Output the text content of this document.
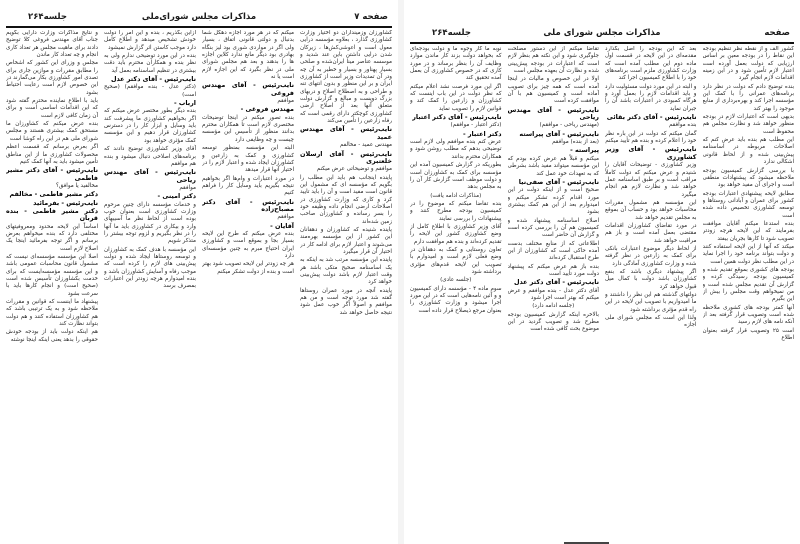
صفحه ۷
مذاکرات مجلس شورای‌ملی
جلسه۲۶۴

کشاورزان وزمینداران دو اختیار وزارت کشاورزی گذارد ، بعلاوه مؤسسه درایی معول است و اعوشی‌کش‌ها ، زیرکان شدن درایی داشتن باین عند شدید و موسسه عناصر مینا ایران‌شده و صلحی بسیار پهناور و بسیار و خطیر به آن چه ودر آن تمدیدات وزیر است از کشاورزی ایران و بر این منظور و بدون انتهای تنه و طراحی و به اصطلاح اصلاح و دربهای بزرگ دویست و مبالغ و گزارش دولت متعلق آنها بعد از اصلاح ارضی کشاورزی کوچکتر دارای رقمی است که رفاه زارعین را تأمین می‌کند

نایب‌رئیس - آقای مهندس عمید

مهندس عمید - مخالفم

نایب‌رئیس - آقای ارسلان خلعتبری

موافقم و توضیحاتی عرض میکنم

پاینده اینجانب هم باید این مطلب را بگویم که مؤسسه ای که مشمول این قانون است مفید است و آن را باید تایید کرد و کاری که وزارت کشاورزی در اصلاحات ارضی انجام داده وظیفه خود را بسر رسانده و کشاورزان صاحب زمین شده‌اند

پاینده شنیده که کشاورزان و دهقانان این کشور از این مؤسسه بهره‌مند می‌شوند و اعتبار لازم برای ادامه کار در اختیار آن قرار میگیرد

پاینده این مؤسسه مرتب شد به اینکه به یک اساسنامه صحیح متکی باشد هر وقت اعتبار لازم باشد دولت پیش‌بینی خواهد کرد

پاینده آنچه در مورد عمران روستاها گفته شد مورد توجه است و من هم موافقم و اصولاً اگر خوب عمل شود نتیجه حاصل خواهد شد

میکنم که در هر مورد اجازه دهکل شما بدنبال و دولتی قانونی اتفاق ، بسیار ولی اگر در مواردی شوری بود لیز بنگاه بهادری بود دیگر مانع ندارد کلاین اجازه ها را بدهند و بعد هم مجلس شورای ملی در نظر بگیرد که این اجازه لازم است یا نه

نایب‌رئیس - آقای مهندس فروغی

موافقم

مهندس فروغی -

بنده تصور میکنم در اینجا توضیحات مختصری لازم است تا همکاران محترم بدانند منظور از تأسیس این مؤسسه چیست و چه وظایفی دارد

البته این مؤسسه بمنظور توسعه کشاورزی و کمک به زارعین و کشاورزان ایجاد شده و اعتبار لازم را در اختیار آنها قرار میدهد

در مورد اعتبارات و وام‌ها اگر بخواهیم نتیجه بگیریم باید وسایل کار را فراهم کنیم

نایب‌رئیس - آقای دکتر مصباح‌زاده

موافقم

آقایان -

بنده عرض میکنم که طرح این لایحه بسیار بجا و بموقع است و کشاورزی ایران احتیاج مبرم به چنین مؤسسه‌ای دارد

هر چه زودتر این لایحه تصویب شود بهتر است و بنده از دولت تشکر میکنم

ازاین بگذریم ، بنده و این امر را دولت خودش تشخیص میدهد و اطلاع کامل دارد موجب کاستن اثر گزارش نمیشود

بنده در این مورد توضیحی ندارم ولی به نظر بنده و همکاران محترم باید دقت بیشتری در تنظیم اساسنامه بعمل آید

نایب‌رئیس - آقای دکتر عدل

(دکتر عدل - بنده موافقم) (صحیح است)

ارباب -

بنده دیگر بطور مختصر عرض میکنم که اگر بخواهیم کشاورزی ما پیشرفت کند باید وسایل و ابزار کار را در دسترس کشاورزان قرار دهیم و این مؤسسه کمک مؤثری خواهد بود

آقای وزیر کشاورزی توضیح دادند که برنامه‌های اصلاحی دنبال میشود و بنده هم موافقم

نایب‌رئیس - آقای مهندس ریاحی

موافقم

دکتر امینی -

و خدمات مؤسسه دارای چنین مرحوم وزارت کشاورزی است بعنوان خوب بوده است از لحاظ نظر ما آسیبهای وارد و بیکاری در کشاورزی باید ما آنها را در نظر بگیریم و لزوم توجه بیشتر را متذکر شویم

این مؤسسه با هدف کمک به کشاورزان و توسعه روستاها ایجاد شده و دولت پیش‌بینی های لازم را کرده است که موجب رفاه و آسایش کشاورزان باشد و بنده امیدوارم هرچه زودتر این اعتبارات بمصرف برسد

و نتایج مذاکرات وزارت دارایی بگویم جناب آقای مهندس فروغی کلا توضیح دادند برای ماهیت مجلس هر تعداد کاری انجام و چه تعداد کار ماندن

مجلس و وزرای این کشور که اشخاص را مطابق مقررات و موازین جاری برای تصدی امور کشاورزی بکار می‌گمارند در این خصوص لازم است رعایت احتیاط بشود

باید با اطلاع نماینده محترم گفته شود که این اقدامات اساسی است و برای آن زمان کافی لازم است

بنده عرض میکنم که کشاورزان ما مستحق کمک بیشتری هستند و مجلس شورای ملی هم در این راه کوشا است

اگر بعرض برسانم که قسمت اعظم محصولات کشاورزی ما از این مناطق تأمین میشود باید به آنها کمک کنیم

نایب‌رئیس - آقای دکتر مشیر فاطمی

مخالفید یا موافق؟

دکتر مشیر فاطمی - مخالفم

نایب‌رئیس - بفرمائید

دکتر مشیر فاطمی - بنده قربان

اساساً این لایحه محدود ومعروفیتهای مختلفی دارد که بنده میخواهم بعرض برسانم و اگر توجه بفرمائید اینجا یک اصلاح لازم است

اصلا این مؤسسه مؤسسه‌ای نیست که مشمول قانون محاسبات عمومی باشد و این مؤسسه مؤسسه‌ایست که برای خدمت بکشاورزان تأسیس شده است (صحیح است) و انجام کارها باید با سرعت بشود

پیشنهاد ما اینست که قوانین و مقررات ملاحظه شود و به یک ترتیبی باشد که هم کشاورزان استفاده کنند و هم دولت بتواند نظارت کند

هم اینکه دولت باید از بودجه خودش حقوقی را بدهد یعنی اینکه اینجا نوشته

صفحه
مذاکرات مجلس شورای ملی
جلسه۲۶۴

کشور الف و از نقطه نظر تنظیم بودجه این نقاط را در بودجه معین بر اساس ارزیابی که دولت بعمل آورده است اعتبار لازم تأمین شود و در این زمینه اقدامات لازم انجام گیرد

بنده توضیح دادم که دولت در نظر دارد برنامه‌های عمرانی را با کمک این مؤسسه اجرا کند و بهره‌برداری از منابع موجود را بهتر کند

بدیهی است که اعتبارات لازم در بودجه منظور خواهد شد و نظارت مجلس هم محفوظ است

این مطلب هم بنده باید عرض کنم که اصلاحات مربوطه در اساسنامه پیش‌بینی شده و از لحاظ قانونی اشکالی ندارد

با بررسی گزارش کمیسیون بودجه ملاحظه میشود که پیشنهادات منطقی است و اجرای آن مفید خواهد بود

مطابق لایحه پیشنهادی اعتبارات بودجه کشور برای عمران و آبادانی روستاها و توسعه کشاورزی تخصیص داده شده است

بنده استدعا میکنم آقایان موافقت بفرمایند که این لایحه هرچه زودتر تصویب شود تا کارها بجریان بیفتد

میکند که آنها از این لایحه استفاده کنند و دولت بتواند برنامه خود را اجرا نماید در این مطلب نظر دولت همین است

بودجه های کشوری بموقع تقدیم شده و کمیسیون بودجه رسیدگی کرده و گزارش آن تقدیم مجلس شده است و من نمیخواهم وقت مجلس را بیش از این بگیرم

آنها کمتر بودجه های کشوری ملاحظه شده است وتصویب قرار گرفته بعد از آنکه نامه های لازم رسید

است ۲۵ وتصویب قرار گرفته بعنوان‌ اطلاع

بعد که این بودجه را اصل بگذارد مقدمه‌ای در این لایحه در قسمت اول ماده دوم این مطلب آمده است که وزارت کشاورزی ملزم است برنامه‌های خود را با اطلاع کمیسیون اجرا کند

و البته در این مورد دولت مسئولیت دارد و باید اقدامات لازم را بعمل آورد و هرگاه کمبودی در اعتبارات باشد آن را جبران نماید

نایب‌رئیس - آقای دکتر بقائی

بنده موافقم

گمان میکنم که دولت در این باره نظر خود را اعلام کرده و بنده هم تأیید میکنم

نایب‌رئیس - آقای وزیر کشاورزی

وزیر کشاورزی - توضیحات آقایان را شنیدم و عرض میکنم که دولت کاملاً مراقب است و بر طبق اساسنامه عمل خواهد شد و نظارت لازم هم انجام میگیرد

این مؤسسه هم مشمول مقررات محاسبات خواهد بود و حساب آن بموقع به مجلس تقدیم خواهد شد

در مورد تقاضای کشاورزان اقدامات مقتضی بعمل آمده است و باز هم مراقبت خواهد شد

از لحاظ دیگر موضوع اعتبارات بانکی برای کمک به زارعین در نظر گرفته شده و وزارت کشاورزی آمادگی دارد

اگر پیشنهاد دیگری باشد که بنفع کشاورزان باشد دولت با کمال میل قبول خواهد کرد

دولتهای گذشته هم این نظر را داشتند و ما امیدواریم با تصویب این لایحه در این راه قدم مؤثری برداشته شود

ولذا این است که مجلس شورای ملی اجازه

تقاضا میکنم از این دستور مصلحت جلوگیری شود و این نکته هم بنظر لازم است که اعتبارات در بودجه پیش‌بینی شده و نظارت آن بعهده مجلس است

اولا در این خصوص و مالیات در اینجا آمده است که همه چیز برای تصویب آماده است و کمیسیون هم با آن موافقت کرده است

نایب‌رئیس - آقای مهندس ریاحی

(مهندس ریاحی - موافقم)

نایب‌رئیس - آقای پیراسته

(بعد از بنده) موافقم

پیراسته -

میکنم و قبلاً هم عرض کرده بودم که این مؤسسه میتواند مفید باشد بشرطی که به تعهدات خود عمل کند

نایب‌رئیس - آقای صفی‌نیا

صحیح است و از اینکه دولت در این مورد اقدام کرده تشکر میکنم و امیدوارم بعد از این هم کمک بیشتری بشود

اصلاح اساسنامه پیشنهاد شده و کمیسیون هم آن را بررسی کرده است و گزارش آن حاضر است

اطلاعاتی که از منابع مختلف بدست آمده حاکی است که کشاورزان از این طرح استقبال کرده‌اند

بنده باز هم عرض میکنم که پیشنهاد دولت مورد تأیید است

نایب‌رئیس - آقای دکتر عدل

آقای دکتر عدل - بنده موافقم و عرض میکنم که بهتر است اجرا شود

(جلسه ادامه دارد)

بالاخره اینکه گزارش کمیسیون بودجه مطرح شد و تصویب گردید در این موضوع بحث کافی شده است

نوبه ما کار وجوه ما و دولت بودجه‌ای که بخواهد دولت بزند کار ماندن موارد وظایف آن را بنظر برساند و در مورد کاری که در خصوص کشاورزی آن بعمل آمده تحقیق کند

اگر این مورد فرصت نشد اعلام میکنم که نظر دولت در این باب اینست که کشاورزان و زارعین را کمک کند و قوانین لازم را تصویب نماید

نایب‌رئیس - آقای دکتر اعتبار

(دکتر اعتبار - موافقم)

دکتر اعتبار -

عرض کنم بنده موافقم ولی لازم است توضیحی بدهم که مطلب روشن شود و همکاران محترم بدانند

بطوریکه در گزارش کمیسیون آمده این مؤسسه برای کمک به کشاورزان است و دولت موظف است گزارش کار آن را به مجلس بدهد

(مذاکرات ادامه یافت)

بنده تقاضا میکنم که موضوع را در کمیسیون بودجه مطرح کنند و پیشنهادات را بررسی نمایند

آقای وزیر کشاورزی با اطلاع کامل از وضع کشاورزی کشور این لایحه را تقدیم کرده‌اند و بنده هم موافقت دارم

تعاون روستایی و کمک به دهقانان در وضع فعلی لازم است و امیدوارم با تصویب این لایحه قدم‌های مؤثری برداشته شود

(جلسه عادی)

سوم ماده ۴ - مؤسسه دارای کمیسیون و و آئین نامه‌هایی است که در این مورد اجرا میشود و وزارت کشاورزی را بعنوان مرجع ذیصلاح قرار داده است
